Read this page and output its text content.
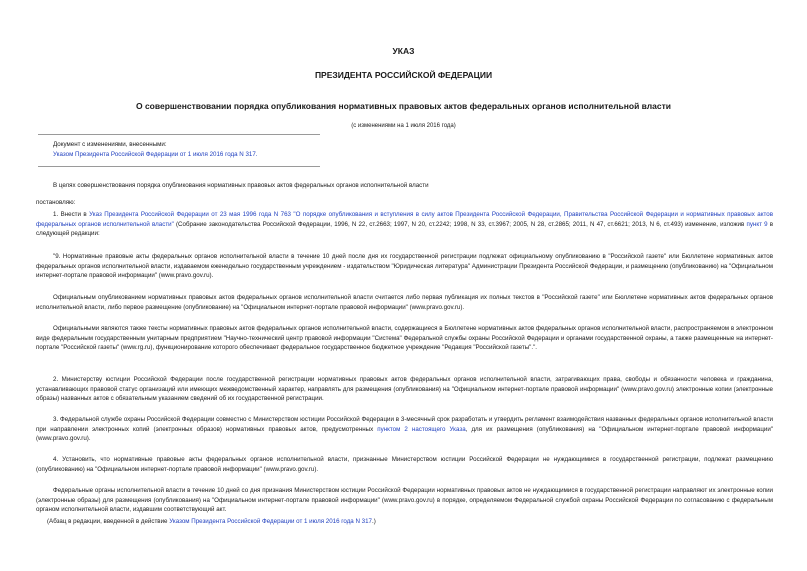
УКАЗ
ПРЕЗИДЕНТА РОССИЙСКОЙ ФЕДЕРАЦИИ
О совершенствовании порядка опубликования нормативных правовых актов федеральных органов исполнительной власти
(с изменениями на 1 июля 2016 года)
Документ с изменениями, внесенными:
Указом Президента Российской Федерации от 1 июля 2016 года N 317.
В целях совершенствования порядка опубликования нормативных правовых актов федеральных органов исполнительной власти
постановляю:
1. Внести в Указ Президента Российской Федерации от 23 мая 1996 года N 763 "О порядке опубликования и вступления в силу актов Президента Российской Федерации, Правительства Российской Федерации и нормативных правовых актов федеральных органов исполнительной власти" (Собрание законодательства Российской Федерации, 1996, N 22, ст.2663; 1997, N 20, ст.2242; 1998, N 33, ст.3967; 2005, N 28, ст.2865; 2011, N 47, ст.6621; 2013, N 6, ст.493) изменение, изложив пункт 9 в следующей редакции:
"9. Нормативные правовые акты федеральных органов исполнительной власти в течение 10 дней после дня их государственной регистрации подлежат официальному опубликованию в "Российской газете" или Бюллетене нормативных актов федеральных органов исполнительной власти, издаваемом еженедельно государственным учреждением - издательством "Юридическая литература" Администрации Президента Российской Федерации, и размещению (опубликованию) на "Официальном интернет-портале правовой информации" (www.pravo.gov.ru).
Официальным опубликованием нормативных правовых актов федеральных органов исполнительной власти считается либо первая публикация их полных текстов в "Российской газете" или Бюллетене нормативных актов федеральных органов исполнительной власти, либо первое размещение (опубликование) на "Официальном интернет-портале правовой информации" (www.pravo.gov.ru).
Официальными являются также тексты нормативных правовых актов федеральных органов исполнительной власти, содержащиеся в Бюллетене нормативных актов федеральных органов исполнительной власти, распространяемом в электронном виде федеральным государственным унитарным предприятием "Научно-технический центр правовой информации "Система" Федеральной службы охраны Российской Федерации и органами государственной охраны, а также размещенные на интернет-портале "Российской газеты" (www.rg.ru), функционирование которого обеспечивает федеральное государственное бюджетное учреждение "Редакция "Российской газеты".".
2. Министерству юстиции Российской Федерации после государственной регистрации нормативных правовых актов федеральных органов исполнительной власти, затрагивающих права, свободы и обязанности человека и гражданина, устанавливающих правовой статус организаций или имеющих межведомственный характер, направлять для размещения (опубликования) на "Официальном интернет-портале правовой информации" (www.pravo.gov.ru) электронные копии (электронные образы) названных актов с обязательным указанием сведений об их государственной регистрации.
3. Федеральной службе охраны Российской Федерации совместно с Министерством юстиции Российской Федерации в 3-месячный срок разработать и утвердить регламент взаимодействия названных федеральных органов исполнительной власти при направлении электронных копий (электронных образов) нормативных правовых актов, предусмотренных пунктом 2 настоящего Указа, для их размещения (опубликования) на "Официальном интернет-портале правовой информации" (www.pravo.gov.ru).
4. Установить, что нормативные правовые акты федеральных органов исполнительной власти, признанные Министерством юстиции Российской Федерации не нуждающимися в государственной регистрации, подлежат размещению (опубликованию) на "Официальном интернет-портале правовой информации" (www.pravo.gov.ru).
Федеральные органы исполнительной власти в течение 10 дней со дня признания Министерством юстиции Российской Федерации нормативных правовых актов не нуждающимися в государственной регистрации направляют их электронные копии (электронные образы) для размещения (опубликования) на "Официальном интернет-портале правовой информации" (www.pravo.gov.ru) в порядке, определяемом Федеральной службой охраны Российской Федерации по согласованию с федеральным органом исполнительной власти, издавшим соответствующий акт.
(Абзац в редакции, введенной в действие Указом Президента Российской Федерации от 1 июля 2016 года N 317.)
